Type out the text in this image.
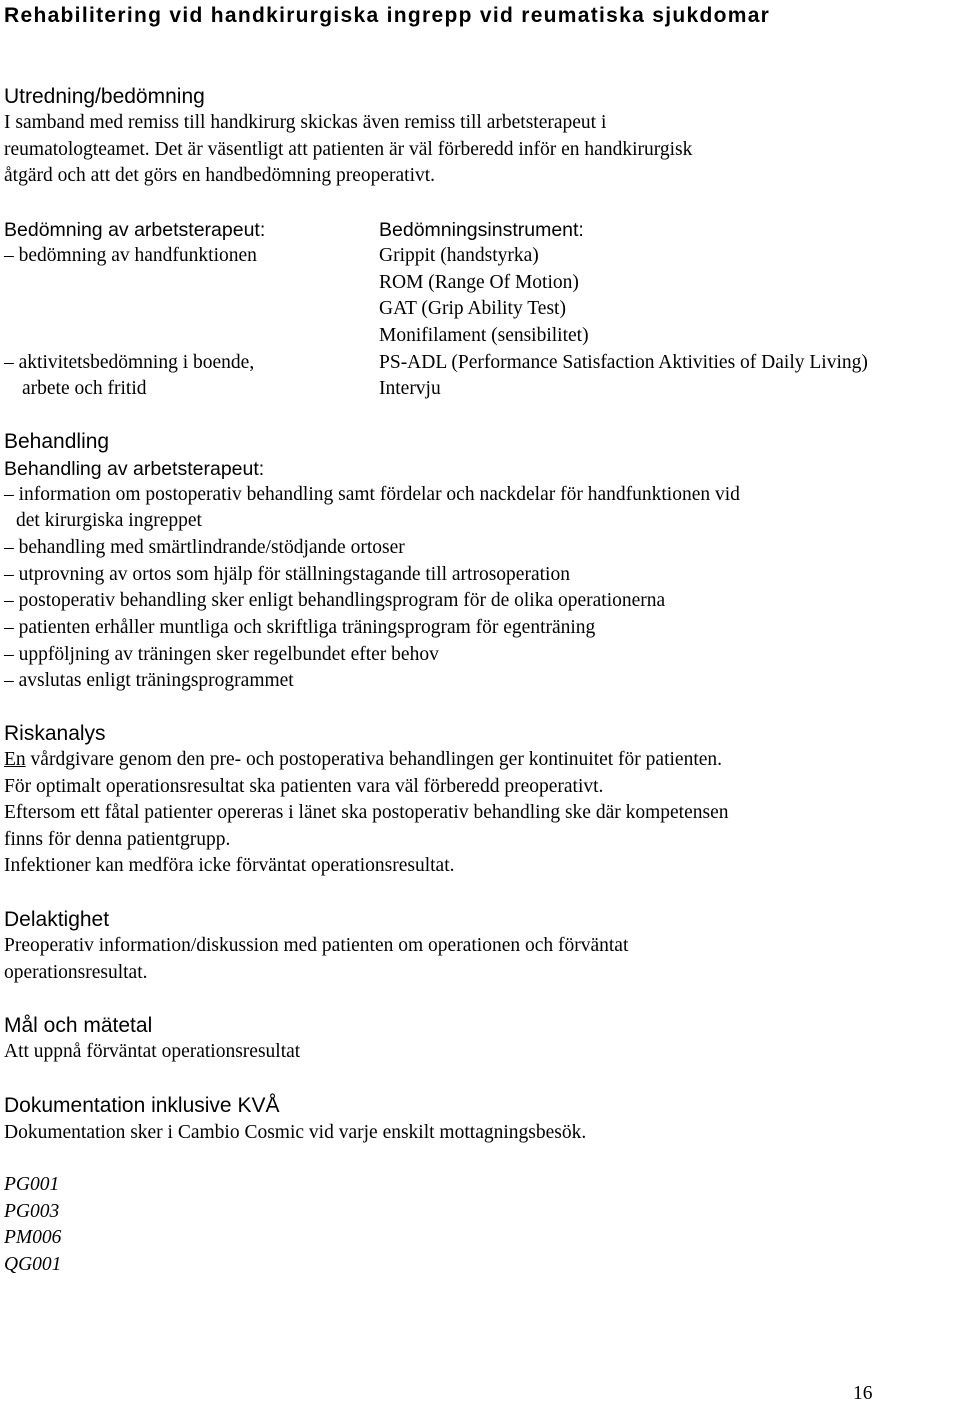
Rehabilitering vid handkirurgiska ingrepp vid reumatiska sjukdomar
Utredning/bedömning
I samband med remiss till handkirurg skickas även remiss till arbetsterapeut i
reumatologteamet. Det är väsentligt att patienten är väl förberedd inför en handkirurgisk
åtgärd och att det görs en handbedömning preoperativt.
Bedömning av arbetsterapeut:
– bedömning av handfunktionen
– aktivitetsbedömning i boende,
arbete och fritid
Bedömningsinstrument:
Grippit (handstyrka)
ROM (Range Of Motion)
GAT (Grip Ability Test)
Monifilament (sensibilitet)
PS-ADL (Performance Satisfaction Aktivities of Daily Living)
Intervju
Behandling
Behandling av arbetsterapeut:
– information om postoperativ behandling samt fördelar och nackdelar för handfunktionen vid
det kirurgiska ingreppet
– behandling med smärtlindrande/stödjande ortoser
– utprovning av ortos som hjälp för ställningstagande till artrosoperation
– postoperativ behandling sker enligt behandlingsprogram för de olika operationerna
– patienten erhåller muntliga och skriftliga träningsprogram för egenträning
– uppföljning av träningen sker regelbundet efter behov
– avslutas enligt träningsprogrammet
Riskanalys
En vårdgivare genom den pre- och postoperativa behandlingen ger kontinuitet för patienten.
För optimalt operationsresultat ska patienten vara väl förberedd preoperativt.
Eftersom ett fåtal patienter opereras i länet ska postoperativ behandling ske där kompetensen
finns för denna patientgrupp.
Infektioner kan medföra icke förväntat operationsresultat.
Delaktighet
Preoperativ information/diskussion med patienten om operationen och förväntat
operationsresultat.
Mål och mätetal
Att uppnå förväntat operationsresultat
Dokumentation inklusive KVÅ
Dokumentation sker i Cambio Cosmic vid varje enskilt mottagningsbesök.
PG001
PG003
PM006
QG001
16
